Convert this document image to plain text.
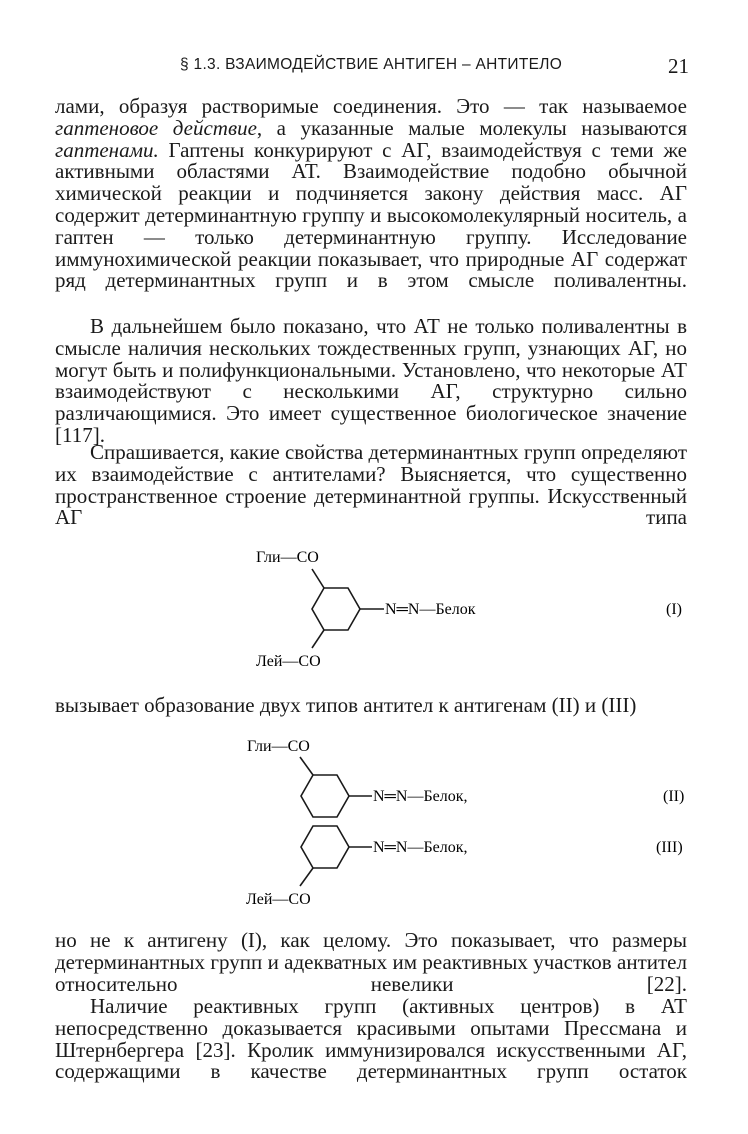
§ 1.3. ВЗАИМОДЕЙСТВИЕ АНТИГЕН – АНТИТЕЛО	21
лами, образуя растворимые соединения. Это — так называемое гаптеновое действие, а указанные малые молекулы называются гаптенами. Гаптены конкурируют с АГ, взаимодействуя с теми же активными областями АТ. Взаимодействие подобно обычной химической реакции и подчиняется закону действия масс. АГ содержит детерминантную группу и высокомолекулярный носитель, а гаптен — только детерминантную группу. Исследование иммунохимической реакции показывает, что природные АГ содержат ряд детерминантных групп и в этом смысле поливалентны.
В дальнейшем было показано, что АТ не только поливалентны в смысле наличия нескольких тождественных групп, узнающих АГ, но могут быть и полифункциональными. Установлено, что некоторые АТ взаимодействуют с несколькими АГ, структурно сильно различающимися. Это имеет существенное биологическое значение [117].
Спрашивается, какие свойства детерминантных групп определяют их взаимодействие с антителами? Выясняется, что существенно пространственное строение детерминантной группы. Искусственный АГ типа
Гли—CO
N═N—Белок
Лей—CO
(I)
вызывает образование двух типов антител к антигенам (II) и (III)
Гли—CO
N═N—Белок,	(II)
N═N—Белок,
Лей—CO
(III)
но не к антигену (I), как целому. Это показывает, что размеры детерминантных групп и адекватных им реактивных участков антител относительно невелики [22].
Наличие реактивных групп (активных центров) в АТ непосредственно доказывается красивыми опытами Прессмана и Штернбергера [23]. Кролик иммунизировался искусственными АГ, содержащими в качестве детерминантных групп остаток
